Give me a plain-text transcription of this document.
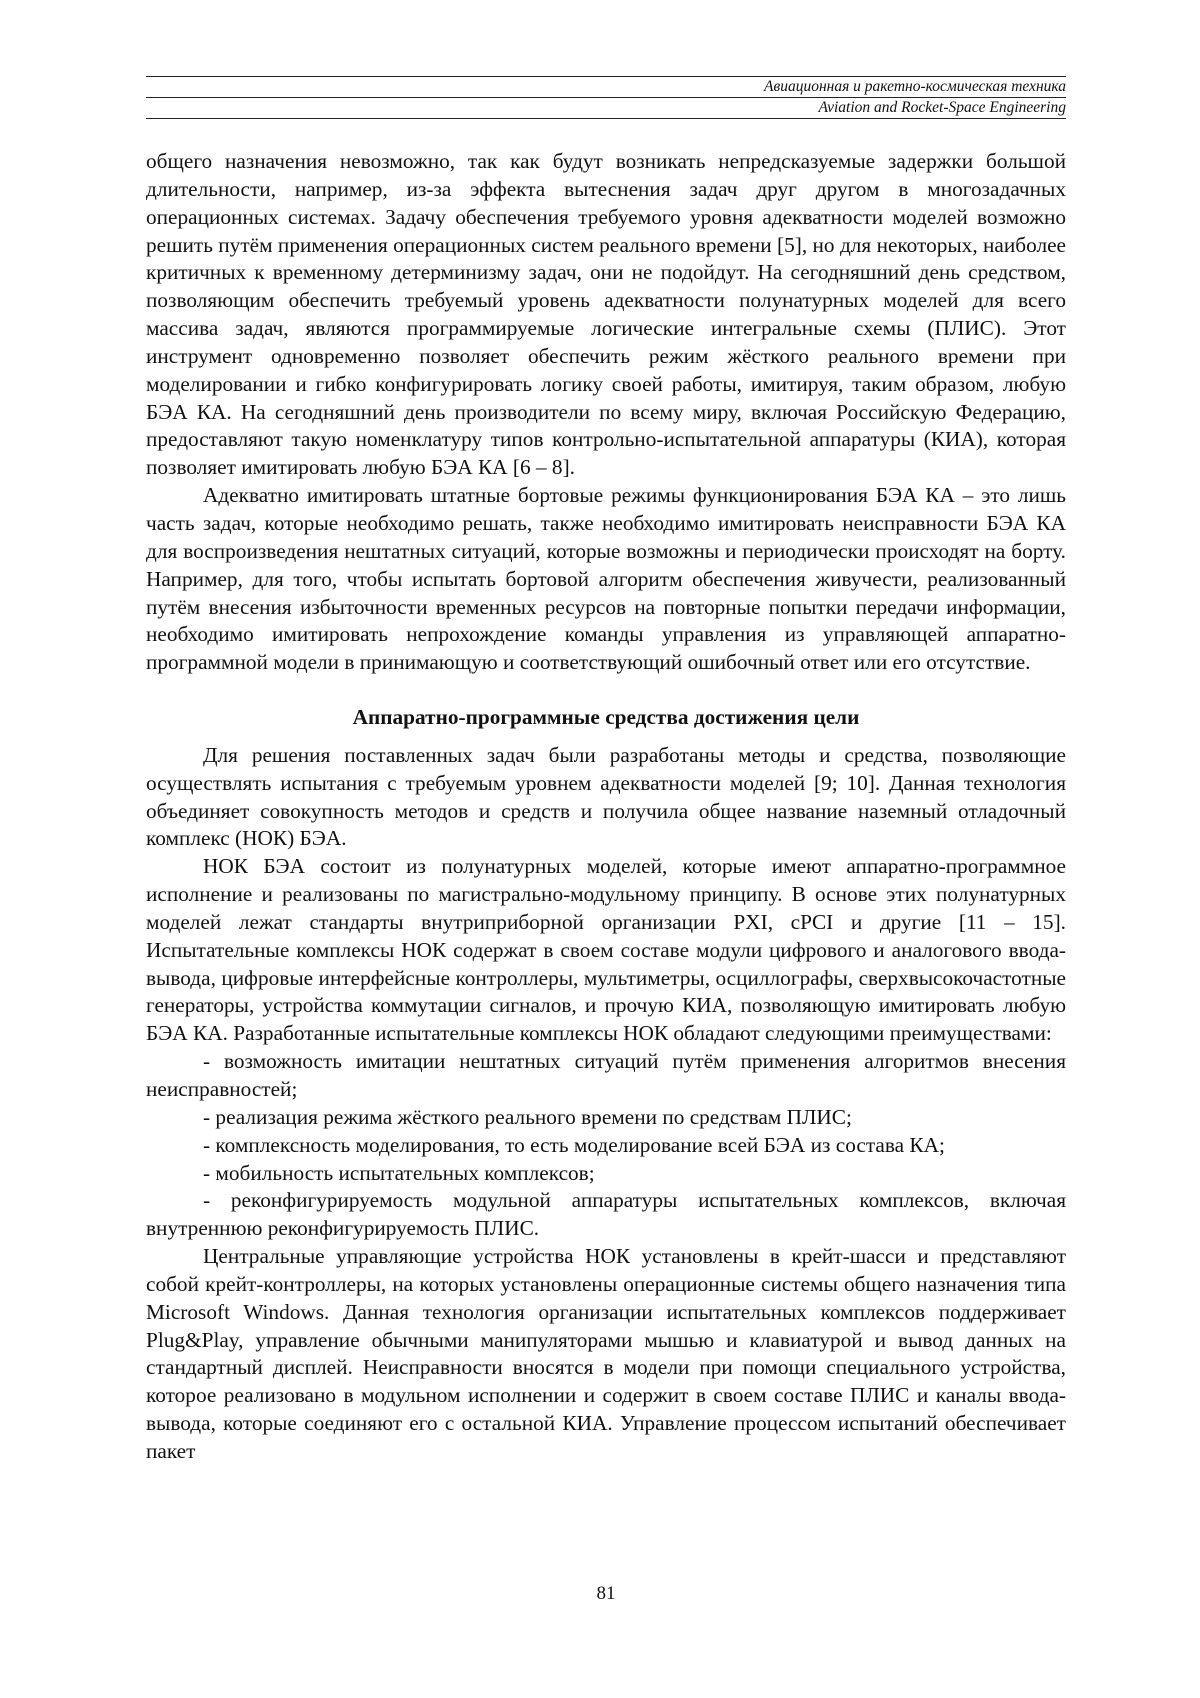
Авиационная и ракетно-космическая техника
Aviation and Rocket-Space Engineering

общего назначения невозможно, так как будут возникать непредсказуемые задержки большой длительности, например, из-за эффекта вытеснения задач друг другом в многозадачных операционных системах. Задачу обеспечения требуемого уровня адекватности моделей возможно решить путём применения операционных систем реального времени [5], но для некоторых, наиболее критичных к временному детерминизму задач, они не подойдут. На сегодняшний день средством, позволяющим обеспечить требуемый уровень адекватности полунатурных моделей для всего массива задач, являются программируемые логические интегральные схемы (ПЛИС). Этот инструмент одновременно позволяет обеспечить режим жёсткого реального времени при моделировании и гибко конфигурировать логику своей работы, имитируя, таким образом, любую БЭА КА. На сегодняшний день производители по всему миру, включая Российскую Федерацию, предоставляют такую номенклатуру типов контрольно-испытательной аппаратуры (КИА), которая позволяет имитировать любую БЭА КА [6 – 8].

Адекватно имитировать штатные бортовые режимы функционирования БЭА КА – это лишь часть задач, которые необходимо решать, также необходимо имитировать неисправности БЭА КА для воспроизведения нештатных ситуаций, которые возможны и периодически происходят на борту. Например, для того, чтобы испытать бортовой алгоритм обеспечения живучести, реализованный путём внесения избыточности временных ресурсов на повторные попытки передачи информации, необходимо имитировать непрохождение команды управления из управляющей аппаратно-программной модели в принимающую и соответствующий ошибочный ответ или его отсутствие.

Аппаратно-программные средства достижения цели

Для решения поставленных задач были разработаны методы и средства, позволяющие осуществлять испытания с требуемым уровнем адекватности моделей [9; 10]. Данная технология объединяет совокупность методов и средств и получила общее название наземный отладочный комплекс (НОК) БЭА.

НОК БЭА состоит из полунатурных моделей, которые имеют аппаратно-программное исполнение и реализованы по магистрально-модульному принципу. В основе этих полунатурных моделей лежат стандарты внутриприборной организации PXI, cPCI и другие [11 – 15]. Испытательные комплексы НОК содержат в своем составе модули цифрового и аналогового ввода-вывода, цифровые интерфейсные контроллеры, мультиметры, осциллографы, сверхвысокочастотные генераторы, устройства коммутации сигналов, и прочую КИА, позволяющую имитировать любую БЭА КА. Разработанные испытательные комплексы НОК обладают следующими преимуществами:

- возможность имитации нештатных ситуаций путём применения алгоритмов внесения неисправностей;

- реализация режима жёсткого реального времени по средствам ПЛИС;

- комплексность моделирования, то есть моделирование всей БЭА из состава КА;

- мобильность испытательных комплексов;

- реконфигурируемость модульной аппаратуры испытательных комплексов, включая внутреннюю реконфигурируемость ПЛИС.

Центральные управляющие устройства НОК установлены в крейт-шасси и представляют собой крейт-контроллеры, на которых установлены операционные системы общего назначения типа Microsoft Windows. Данная технология организации испытательных комплексов поддерживает Plug&Play, управление обычными манипуляторами мышью и клавиатурой и вывод данных на стандартный дисплей. Неисправности вносятся в модели при помощи специального устройства, которое реализовано в модульном исполнении и содержит в своем составе ПЛИС и каналы ввода-вывода, которые соединяют его с остальной КИА. Управление процессом испытаний обеспечивает пакет

81
